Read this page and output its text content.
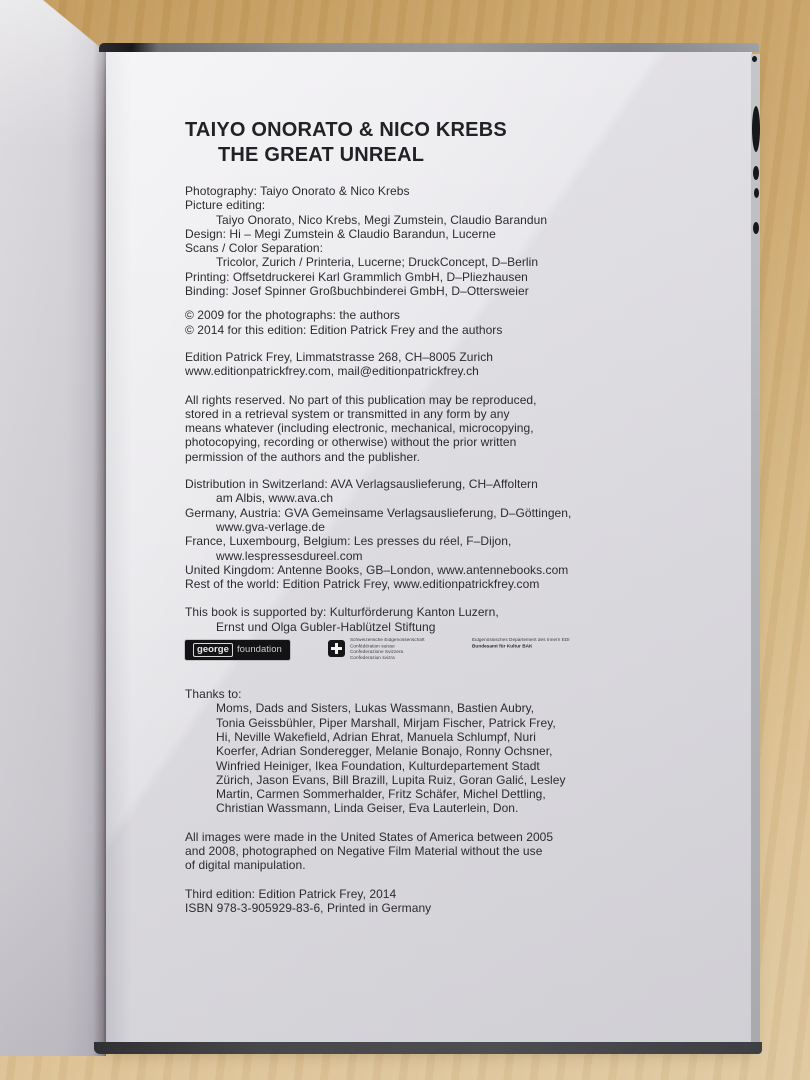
TAIYO ONORATO & NICO KREBS
THE GREAT UNREAL
Photography: Taiyo Onorato & Nico Krebs
Picture editing:
Taiyo Onorato, Nico Krebs, Megi Zumstein, Claudio Barandun
Design: Hi – Megi Zumstein & Claudio Barandun, Lucerne
Scans / Color Separation:
Tricolor, Zurich / Printeria, Lucerne; DruckConcept, D–Berlin
Printing: Offsetdruckerei Karl Grammlich GmbH, D–Pliezhausen
Binding: Josef Spinner Großbuchbinderei GmbH, D–Ottersweier
© 2009 for the photographs: the authors
© 2014 for this edition: Edition Patrick Frey and the authors
Edition Patrick Frey, Limmatstrasse 268, CH–8005 Zurich
www.editionpatrickfrey.com, mail@editionpatrickfrey.ch
All rights reserved. No part of this publication may be reproduced,
stored in a retrieval system or transmitted in any form by any
means whatever (including electronic, mechanical, microcopying,
photocopying, recording or otherwise) without the prior written
permission of the authors and the publisher.
Distribution in Switzerland: AVA Verlagsauslieferung, CH–Affoltern
am Albis, www.ava.ch
Germany, Austria: GVA Gemeinsame Verlagsauslieferung, D–Göttingen,
www.gva-verlage.de
France, Luxembourg, Belgium: Les presses du réel, F–Dijon,
www.lespressesdureel.com
United Kingdom: Antenne Books, GB–London, www.antennebooks.com
Rest of the world: Edition Patrick Frey, www.editionpatrickfrey.com
This book is supported by: Kulturförderung Kanton Luzern,
Ernst und Olga Gubler-Hablützel Stiftung
george foundation
Schweizerische Eidgenossenschaft
Confédération suisse
Confederazione Svizzera
Confederaziun svizra
Eidgenössisches Departement des Innern EDI
Bundesamt für Kultur BAK
Thanks to:
Moms, Dads and Sisters, Lukas Wassmann, Bastien Aubry,
Tonia Geissbühler, Piper Marshall, Mirjam Fischer, Patrick Frey,
Hi, Neville Wakefield, Adrian Ehrat, Manuela Schlumpf, Nuri
Koerfer, Adrian Sonderegger, Melanie Bonajo, Ronny Ochsner,
Winfried Heiniger, Ikea Foundation, Kulturdepartement Stadt
Zürich, Jason Evans, Bill Brazill, Lupita Ruiz, Goran Galić, Lesley
Martin, Carmen Sommerhalder, Fritz Schäfer, Michel Dettling,
Christian Wassmann, Linda Geiser, Eva Lauterlein, Don.
All images were made in the United States of America between 2005
and 2008, photographed on Negative Film Material without the use
of digital manipulation.
Third edition: Edition Patrick Frey, 2014
ISBN 978-3-905929-83-6, Printed in Germany
